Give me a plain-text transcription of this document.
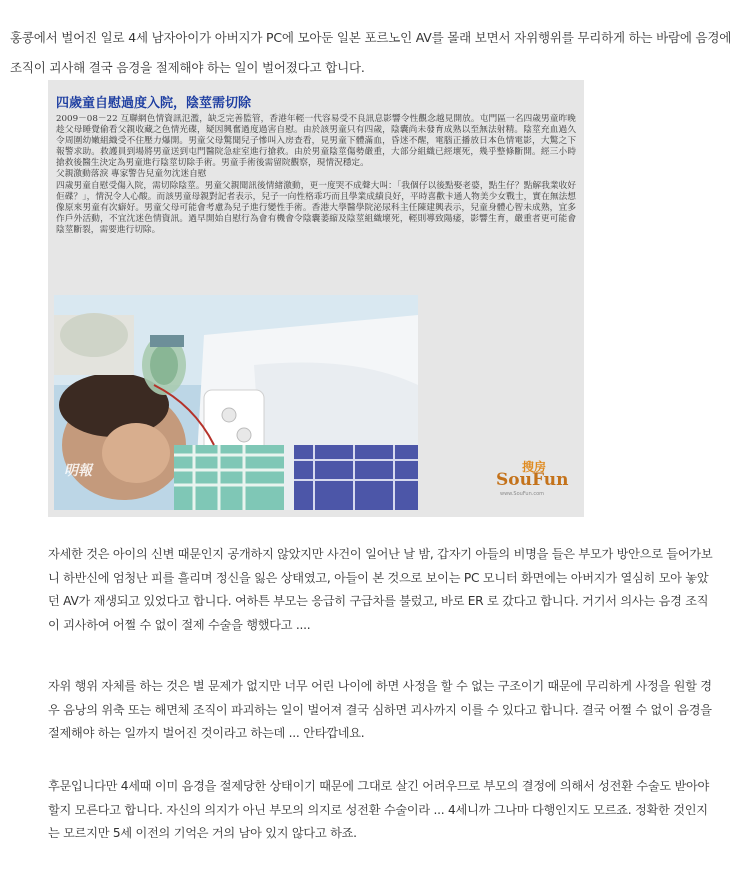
홍콩에서 벌어진 일로 4세 남자아이가 아버지가 PC에 모아둔 일본 포르노인 AV를 몰래 보면서 자위행위를 무리하게 하는 바람에 음경에 조직이 괴사해 결국 음경을 절제해야 하는 일이 벌어졌다고 합니다.

四歲童自慰過度入院，陰莖需切除

2009－08－22 互聯網色情資訊氾濫，缺乏完善監管，香港年輕一代容易受不良訊息影響令性觀念越見開放。屯門區一名四歲男童昨晚趁父母睡覺偷看父親收藏之色情光碟，疑因興奮過度過害自慰。由於該男童只有四歲，陰囊尚未發育成熟以至無法射精。陰莖充血過久令周圍幼嫩組織受不住壓力爆開。男童父母驚聞兒子慘叫入房查看，見男童下體滿血，昏迷不醒，電腦正播放日本色情電影，大驚之下報警求助。救護員到場將男童送到屯門醫院急症室進行搶救。由於男童陰莖傷勢嚴重，大部分組織已經壞死，幾乎整條斷開。經三小時搶救後醫生決定為男童進行陰莖切除手術。男童手術後需留院觀察，現情況穩定。

父親激動落淚 專家警告兒童勿沈迷自慰

四歲男童自慰受傷入院，需切除陰莖。男童父親聞訊後情緒激動，更一度哭不成聲大叫：「我個仔以後點娶老婆，點生仔？點解我業收好佢碟？」，情況令人心酸。而該男童母親對記者表示，兒子一向性格乖巧而且學業成績良好，平時喜歡卡通人物美少女戰士，實在無法想像原來男童有次癖好。男童父母可能會考慮為兒子進行變性手術。香港大學醫學院泌尿科主任陳建興表示，兒童身體心智未成熟，宜多作戶外活動，不宜沈迷色情資訊。過早開始自慰行為會有機會令陰囊萎縮及陰莖組織壞死，輕則導致陽痿，影響生育，嚴重者更可能會陰莖斷裂，需要進行切除。

明報	搜房
SouFun
www.SouFun.com

자세한 것은 아이의 신변 때문인지 공개하지 않았지만 사건이 일어난 날 밤, 갑자기 아들의 비명을 들은 부모가 방안으로 들어가보니 하반신에 엄청난 피를 흘리며 정신을 잃은 상태였고, 아들이 본 것으로 보이는 PC 모니터 화면에는 아버지가 열심히 모아 놓았던 AV가 재생되고 있었다고 합니다. 여하튼 부모는 응급히 구급차를 불렀고, 바로 ER 로 갔다고 합니다. 거기서 의사는 음경 조직이 괴사하여 어쩔 수 없이 절제 수술을 행했다고 ....

자위 행위 자체를 하는 것은 별 문제가 없지만 너무 어린 나이에 하면 사정을 할 수 없는 구조이기 때문에 무리하게 사정을 원할 경우 음낭의 위축 또는 해면체 조직이 파괴하는 일이 벌어져 결국 심하면 괴사까지 이를 수 있다고 합니다. 결국 어쩔 수 없이 음경을 절제해야 하는 일까지 벌어진 것이라고 하는데 ... 안타깝네요.

후문입니다만 4세때 이미 음경을 절제당한 상태이기 때문에 그대로 살긴 어려우므로 부모의 결정에 의해서 성전환 수술도 받아야 할지 모른다고 합니다. 자신의 의지가 아닌 부모의 의지로 성전환 수술이라 ... 4세니까 그나마 다행인지도 모르죠. 정확한 것인지는 모르지만 5세 이전의 기억은 거의 남아 있지 않다고 하죠.
